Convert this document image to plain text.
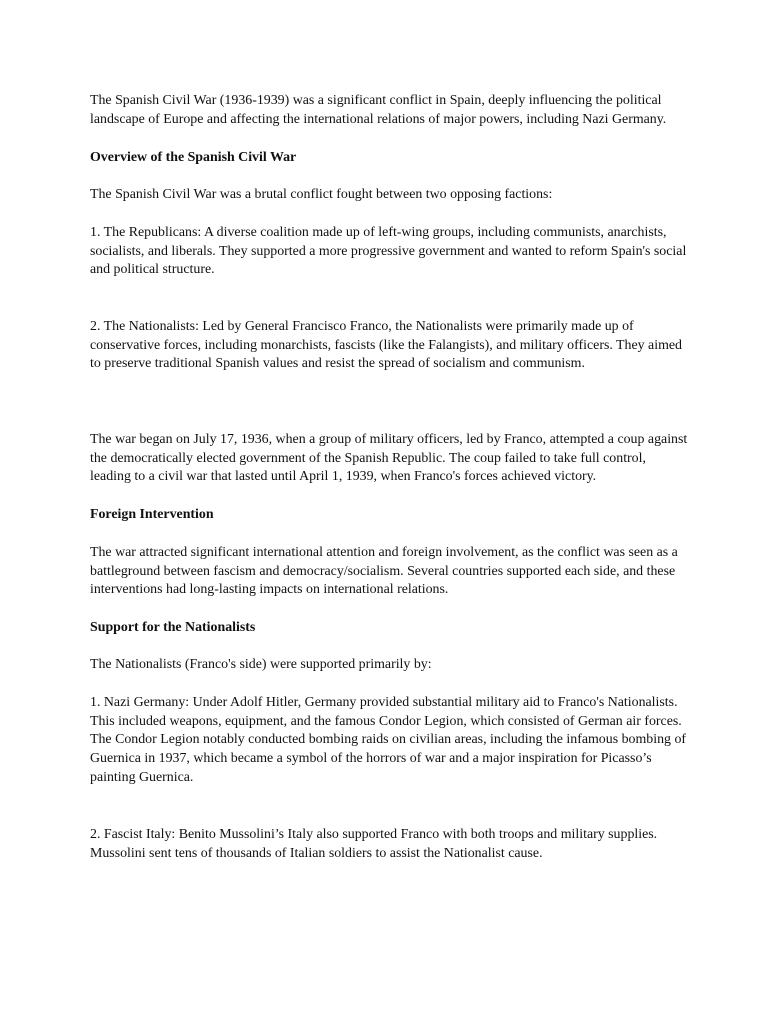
The Spanish Civil War (1936-1939) was a significant conflict in Spain, deeply influencing the political landscape of Europe and affecting the international relations of major powers, including Nazi Germany.

Overview of the Spanish Civil War

The Spanish Civil War was a brutal conflict fought between two opposing factions:

1. The Republicans: A diverse coalition made up of left-wing groups, including communists, anarchists, socialists, and liberals. They supported a more progressive government and wanted to reform Spain's social and political structure.

2. The Nationalists: Led by General Francisco Franco, the Nationalists were primarily made up of conservative forces, including monarchists, fascists (like the Falangists), and military officers. They aimed to preserve traditional Spanish values and resist the spread of socialism and communism.

The war began on July 17, 1936, when a group of military officers, led by Franco, attempted a coup against the democratically elected government of the Spanish Republic. The coup failed to take full control, leading to a civil war that lasted until April 1, 1939, when Franco's forces achieved victory.

Foreign Intervention

The war attracted significant international attention and foreign involvement, as the conflict was seen as a battleground between fascism and democracy/socialism. Several countries supported each side, and these interventions had long-lasting impacts on international relations.

Support for the Nationalists

The Nationalists (Franco's side) were supported primarily by:

1. Nazi Germany: Under Adolf Hitler, Germany provided substantial military aid to Franco's Nationalists. This included weapons, equipment, and the famous Condor Legion, which consisted of German air forces. The Condor Legion notably conducted bombing raids on civilian areas, including the infamous bombing of Guernica in 1937, which became a symbol of the horrors of war and a major inspiration for Picasso’s painting Guernica.

2. Fascist Italy: Benito Mussolini’s Italy also supported Franco with both troops and military supplies. Mussolini sent tens of thousands of Italian soldiers to assist the Nationalist cause.
